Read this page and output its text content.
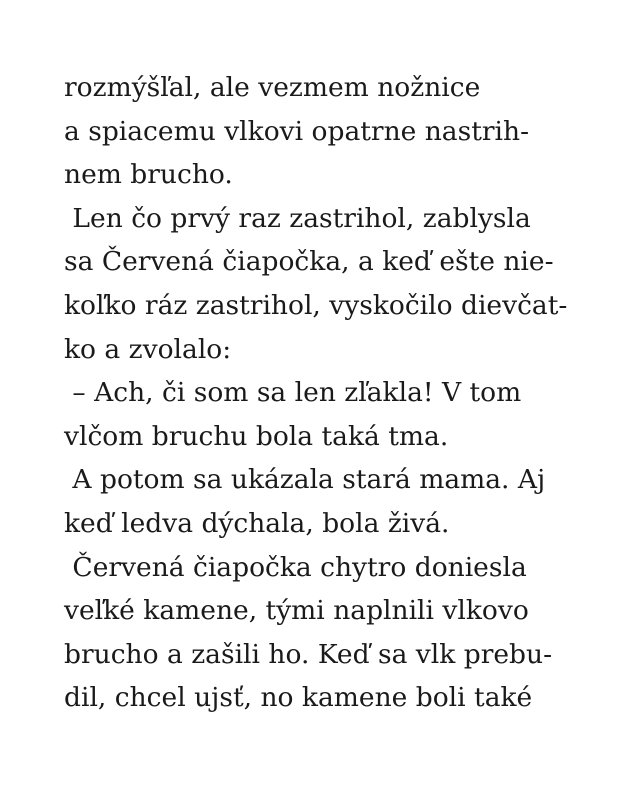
rozmýšľal, ale vezmem nožnice
a spiacemu vlkovi opatrne nastrih-
nem brucho.
Len čo prvý raz zastrihol, zablysla
sa Červená čiapočka, a keď ešte nie-
koľko ráz zastrihol, vyskočilo dievčat-
ko a zvolalo:
– Ach, či som sa len zľakla! V tom
vlčom bruchu bola taká tma.
A potom sa ukázala stará mama. Aj
keď ledva dýchala, bola živá.
Červená čiapočka chytro doniesla
veľké kamene, tými naplnili vlkovo
brucho a zašili ho. Keď sa vlk prebu-
dil, chcel ujsť, no kamene boli také
